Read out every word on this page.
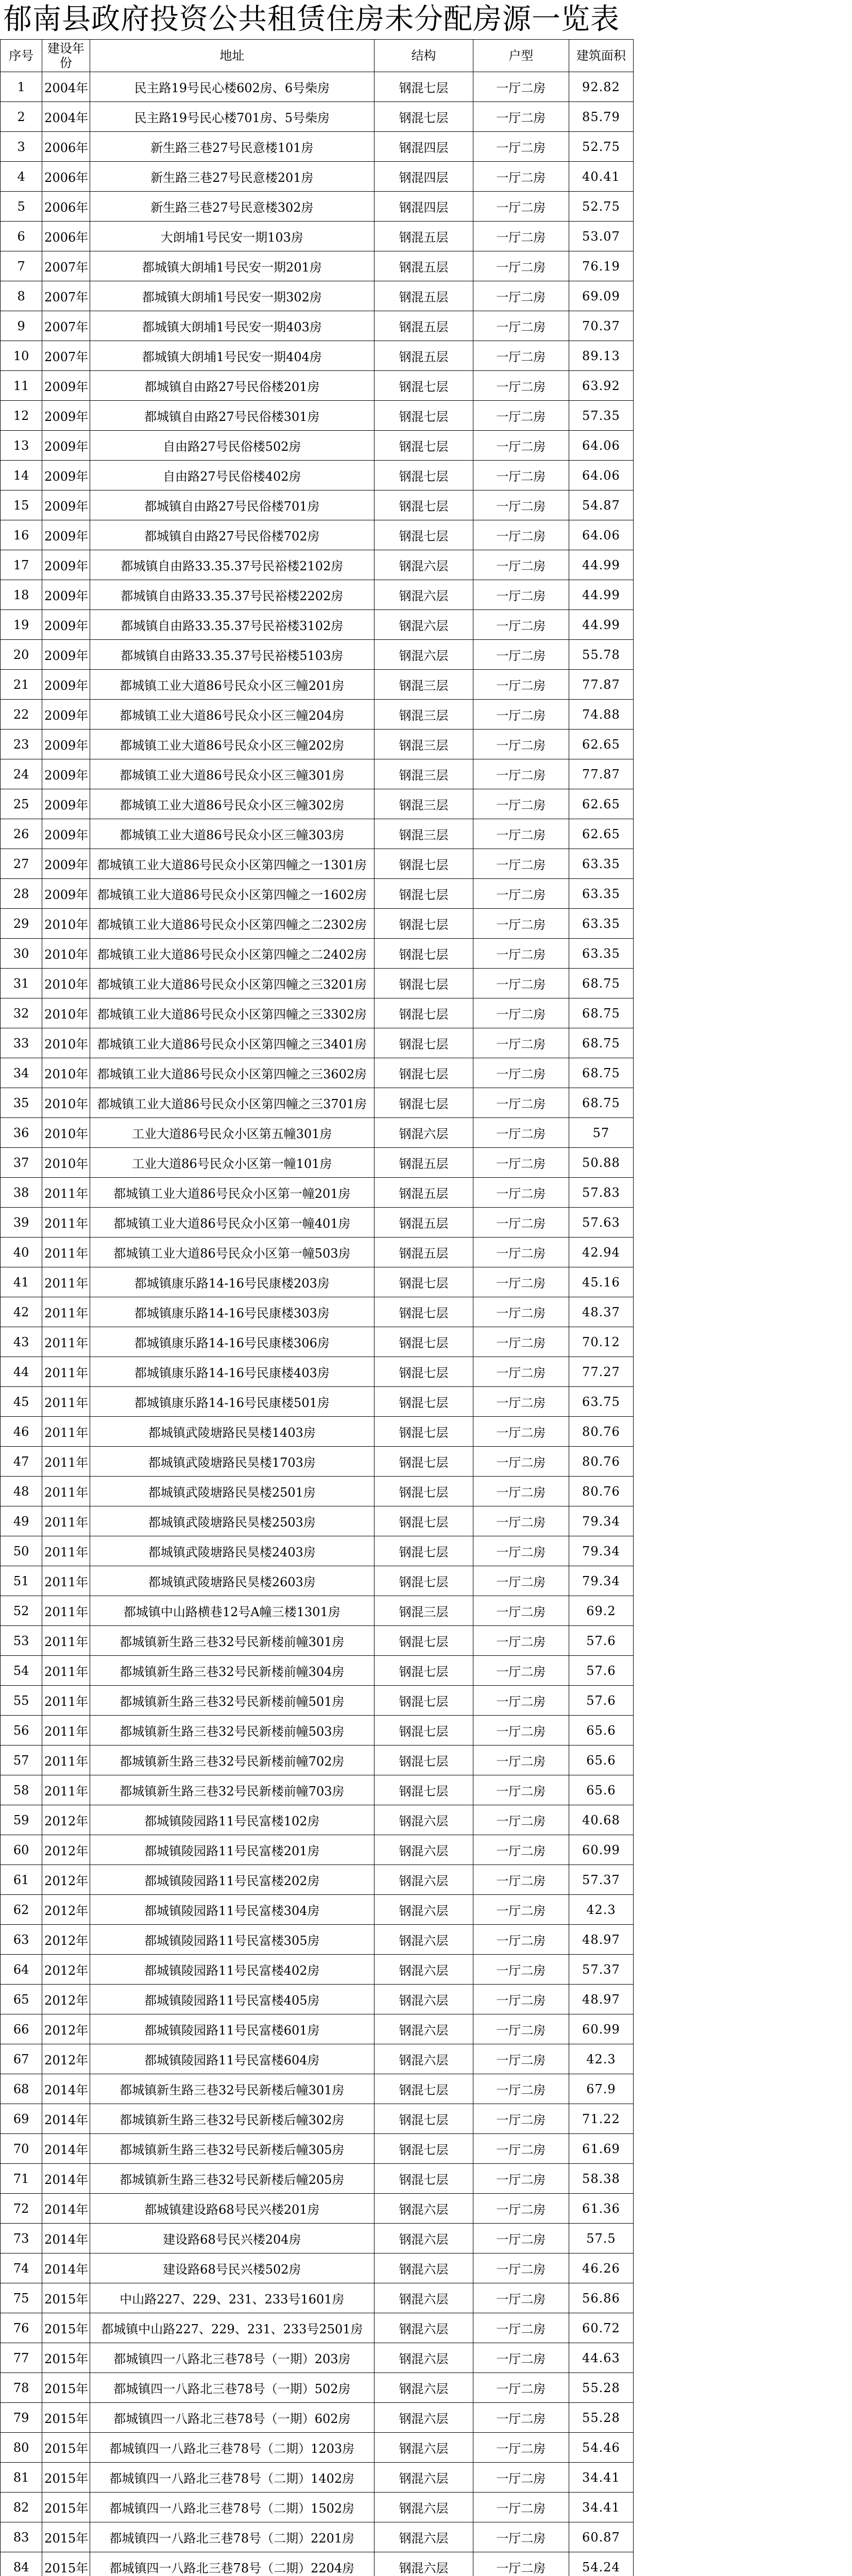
郁南县政府投资公共租赁住房未分配房源一览表
序号	建设年份	地址	结构	户型	建筑面积
1	2004年	民主路19号民心楼602房、6号柴房	钢混七层	一厅二房	92.82
2	2004年	民主路19号民心楼701房、5号柴房	钢混七层	一厅二房	85.79
3	2006年	新生路三巷27号民意楼101房	钢混四层	一厅二房	52.75
4	2006年	新生路三巷27号民意楼201房	钢混四层	一厅二房	40.41
5	2006年	新生路三巷27号民意楼302房	钢混四层	一厅二房	52.75
6	2006年	大朗埔1号民安一期103房	钢混五层	一厅二房	53.07
7	2007年	都城镇大朗埔1号民安一期201房	钢混五层	一厅二房	76.19
8	2007年	都城镇大朗埔1号民安一期302房	钢混五层	一厅二房	69.09
9	2007年	都城镇大朗埔1号民安一期403房	钢混五层	一厅二房	70.37
10	2007年	都城镇大朗埔1号民安一期404房	钢混五层	一厅二房	89.13
11	2009年	都城镇自由路27号民俗楼201房	钢混七层	一厅二房	63.92
12	2009年	都城镇自由路27号民俗楼301房	钢混七层	一厅二房	57.35
13	2009年	自由路27号民俗楼502房	钢混七层	一厅二房	64.06
14	2009年	自由路27号民俗楼402房	钢混七层	一厅二房	64.06
15	2009年	都城镇自由路27号民俗楼701房	钢混七层	一厅二房	54.87
16	2009年	都城镇自由路27号民俗楼702房	钢混七层	一厅二房	64.06
17	2009年	都城镇自由路33.35.37号民裕楼2102房	钢混六层	一厅二房	44.99
18	2009年	都城镇自由路33.35.37号民裕楼2202房	钢混六层	一厅二房	44.99
19	2009年	都城镇自由路33.35.37号民裕楼3102房	钢混六层	一厅二房	44.99
20	2009年	都城镇自由路33.35.37号民裕楼5103房	钢混六层	一厅二房	55.78
21	2009年	都城镇工业大道86号民众小区三幢201房	钢混三层	一厅二房	77.87
22	2009年	都城镇工业大道86号民众小区三幢204房	钢混三层	一厅二房	74.88
23	2009年	都城镇工业大道86号民众小区三幢202房	钢混三层	一厅二房	62.65
24	2009年	都城镇工业大道86号民众小区三幢301房	钢混三层	一厅二房	77.87
25	2009年	都城镇工业大道86号民众小区三幢302房	钢混三层	一厅二房	62.65
26	2009年	都城镇工业大道86号民众小区三幢303房	钢混三层	一厅二房	62.65
27	2009年	都城镇工业大道86号民众小区第四幢之一1301房	钢混七层	一厅二房	63.35
28	2009年	都城镇工业大道86号民众小区第四幢之一1602房	钢混七层	一厅二房	63.35
29	2010年	都城镇工业大道86号民众小区第四幢之二2302房	钢混七层	一厅二房	63.35
30	2010年	都城镇工业大道86号民众小区第四幢之二2402房	钢混七层	一厅二房	63.35
31	2010年	都城镇工业大道86号民众小区第四幢之三3201房	钢混七层	一厅二房	68.75
32	2010年	都城镇工业大道86号民众小区第四幢之三3302房	钢混七层	一厅二房	68.75
33	2010年	都城镇工业大道86号民众小区第四幢之三3401房	钢混七层	一厅二房	68.75
34	2010年	都城镇工业大道86号民众小区第四幢之三3602房	钢混七层	一厅二房	68.75
35	2010年	都城镇工业大道86号民众小区第四幢之三3701房	钢混七层	一厅二房	68.75
36	2010年	工业大道86号民众小区第五幢301房	钢混六层	一厅二房	57
37	2010年	工业大道86号民众小区第一幢101房	钢混五层	一厅二房	50.88
38	2011年	都城镇工业大道86号民众小区第一幢201房	钢混五层	一厅二房	57.83
39	2011年	都城镇工业大道86号民众小区第一幢401房	钢混五层	一厅二房	57.63
40	2011年	都城镇工业大道86号民众小区第一幢503房	钢混五层	一厅二房	42.94
41	2011年	都城镇康乐路14-16号民康楼203房	钢混七层	一厅二房	45.16
42	2011年	都城镇康乐路14-16号民康楼303房	钢混七层	一厅二房	48.37
43	2011年	都城镇康乐路14-16号民康楼306房	钢混七层	一厅二房	70.12
44	2011年	都城镇康乐路14-16号民康楼403房	钢混七层	一厅二房	77.27
45	2011年	都城镇康乐路14-16号民康楼501房	钢混七层	一厅二房	63.75
46	2011年	都城镇武陵塘路民昊楼1403房	钢混七层	一厅二房	80.76
47	2011年	都城镇武陵塘路民昊楼1703房	钢混七层	一厅二房	80.76
48	2011年	都城镇武陵塘路民昊楼2501房	钢混七层	一厅二房	80.76
49	2011年	都城镇武陵塘路民昊楼2503房	钢混七层	一厅二房	79.34
50	2011年	都城镇武陵塘路民昊楼2403房	钢混七层	一厅二房	79.34
51	2011年	都城镇武陵塘路民昊楼2603房	钢混七层	一厅二房	79.34
52	2011年	都城镇中山路横巷12号A幢三楼1301房	钢混三层	一厅二房	69.2
53	2011年	都城镇新生路三巷32号民新楼前幢301房	钢混七层	一厅二房	57.6
54	2011年	都城镇新生路三巷32号民新楼前幢304房	钢混七层	一厅二房	57.6
55	2011年	都城镇新生路三巷32号民新楼前幢501房	钢混七层	一厅二房	57.6
56	2011年	都城镇新生路三巷32号民新楼前幢503房	钢混七层	一厅二房	65.6
57	2011年	都城镇新生路三巷32号民新楼前幢702房	钢混七层	一厅二房	65.6
58	2011年	都城镇新生路三巷32号民新楼前幢703房	钢混七层	一厅二房	65.6
59	2012年	都城镇陵园路11号民富楼102房	钢混六层	一厅二房	40.68
60	2012年	都城镇陵园路11号民富楼201房	钢混六层	一厅二房	60.99
61	2012年	都城镇陵园路11号民富楼202房	钢混六层	一厅二房	57.37
62	2012年	都城镇陵园路11号民富楼304房	钢混六层	一厅二房	42.3
63	2012年	都城镇陵园路11号民富楼305房	钢混六层	一厅二房	48.97
64	2012年	都城镇陵园路11号民富楼402房	钢混六层	一厅二房	57.37
65	2012年	都城镇陵园路11号民富楼405房	钢混六层	一厅二房	48.97
66	2012年	都城镇陵园路11号民富楼601房	钢混六层	一厅二房	60.99
67	2012年	都城镇陵园路11号民富楼604房	钢混六层	一厅二房	42.3
68	2014年	都城镇新生路三巷32号民新楼后幢301房	钢混七层	一厅二房	67.9
69	2014年	都城镇新生路三巷32号民新楼后幢302房	钢混七层	一厅二房	71.22
70	2014年	都城镇新生路三巷32号民新楼后幢305房	钢混七层	一厅二房	61.69
71	2014年	都城镇新生路三巷32号民新楼后幢205房	钢混七层	一厅二房	58.38
72	2014年	都城镇建设路68号民兴楼201房	钢混六层	一厅二房	61.36
73	2014年	建设路68号民兴楼204房	钢混六层	一厅二房	57.5
74	2014年	建设路68号民兴楼502房	钢混六层	一厅二房	46.26
75	2015年	中山路227、229、231、233号1601房	钢混六层	一厅二房	56.86
76	2015年	都城镇中山路227、229、231、233号2501房	钢混六层	一厅二房	60.72
77	2015年	都城镇四一八路北三巷78号（一期）203房	钢混六层	一厅二房	44.63
78	2015年	都城镇四一八路北三巷78号（一期）502房	钢混六层	一厅二房	55.28
79	2015年	都城镇四一八路北三巷78号（一期）602房	钢混六层	一厅二房	55.28
80	2015年	都城镇四一八路北三巷78号（二期）1203房	钢混六层	一厅二房	54.46
81	2015年	都城镇四一八路北三巷78号（二期）1402房	钢混六层	一厅二房	34.41
82	2015年	都城镇四一八路北三巷78号（二期）1502房	钢混六层	一厅二房	34.41
83	2015年	都城镇四一八路北三巷78号（二期）2201房	钢混六层	一厅二房	60.87
84	2015年	都城镇四一八路北三巷78号（二期）2204房	钢混六层	一厅二房	54.24
